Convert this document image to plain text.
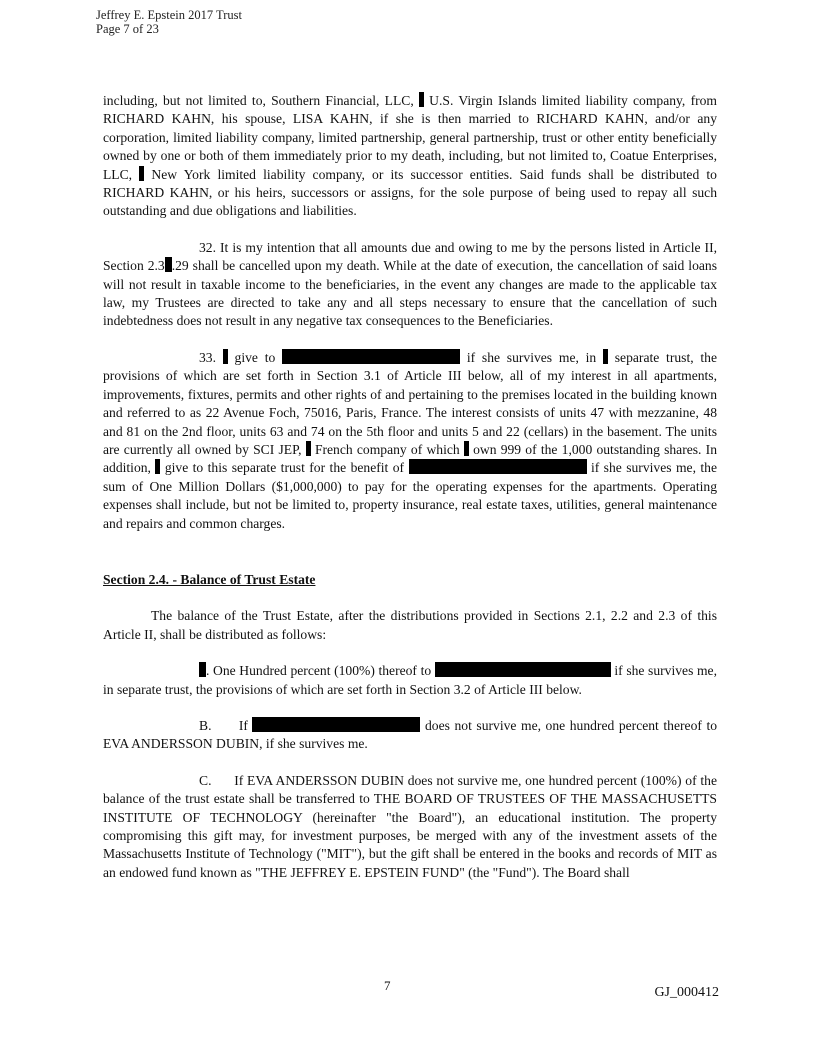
Jeffrey E. Epstein 2017 Trust
Page 7 of 23

including, but not limited to, Southern Financial, LLC,  U.S. Virgin Islands limited liability company, from RICHARD KAHN, his spouse, LISA KAHN, if she is then married to RICHARD KAHN, and/or any corporation, limited liability company, limited partnership, general partnership, trust or other entity beneficially owned by one or both of them immediately prior to my death, including, but not limited to, Coatue Enterprises, LLC,  New York limited liability company, or its successor entities. Said funds shall be distributed to RICHARD KAHN, or his heirs, successors or assigns, for the sole purpose of being used to repay all such outstanding and due obligations and liabilities.

32. It is my intention that all amounts due and owing to me by the persons listed in Article II, Section 2.3 .29 shall be cancelled upon my death. While at the date of execution, the cancellation of said loans will not result in taxable income to the beneficiaries, in the event any changes are made to the applicable tax law, my Trustees are directed to take any and all steps necessary to ensure that the cancellation of such indebtedness does not result in any negative tax consequences to the Beneficiaries.

33.  give to	if she survives me, in  separate trust, the provisions of which are set forth in Section 3.1 of Article III below, all of my interest in all apartments, improvements, fixtures, permits and other rights of and pertaining to the premises located in the building known and referred to as 22 Avenue Foch, 75016, Paris, France. The interest consists of units 47 with mezzanine, 48 and 81 on the 2nd floor, units 63 and 74 on the 5th floor and units 5 and 22 (cellars) in the basement. The units are currently all owned by SCI JEP,  French company of which  own 999 of the 1,000 outstanding shares. In addition,  give to this separate trust for the benefit of	if she survives me, the sum of One Million Dollars ($1,000,000) to pay for the operating expenses for the apartments. Operating expenses shall include, but not be limited to, property insurance, real estate taxes, utilities, general maintenance and repairs and common charges.

Section 2.4. - Balance of Trust Estate

The balance of the Trust Estate, after the distributions provided in Sections 2.1, 2.2 and 2.3 of this Article II, shall be distributed as follows:

. One Hundred percent (100%) thereof to	if she survives me, in separate trust, the provisions of which are set forth in Section 3.2 of Article III below.

B. If	does not survive me, one hundred percent thereof to EVA ANDERSSON DUBIN, if she survives me.

C. If EVA ANDERSSON DUBIN does not survive me, one hundred percent (100%) of the balance of the trust estate shall be transferred to THE BOARD OF TRUSTEES OF THE MASSACHUSETTS INSTITUTE OF TECHNOLOGY (hereinafter "the Board"), an educational institution. The property compromising this gift may, for investment purposes, be merged with any of the investment assets of the Massachusetts Institute of Technology ("MIT"), but the gift shall be entered in the books and records of MIT as an endowed fund known as "THE JEFFREY E. EPSTEIN FUND" (the "Fund"). The Board shall

7	GJ_000412
